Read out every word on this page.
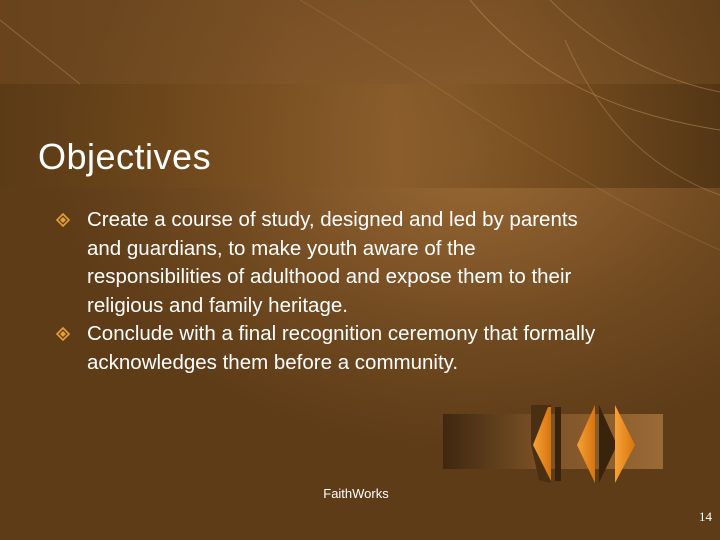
Objectives
Create a course of study, designed and led by parents and guardians, to make youth aware of the responsibilities of adulthood and expose them to their religious and family heritage.
Conclude with a final recognition ceremony that formally acknowledges them before a community.
FaithWorks
14
